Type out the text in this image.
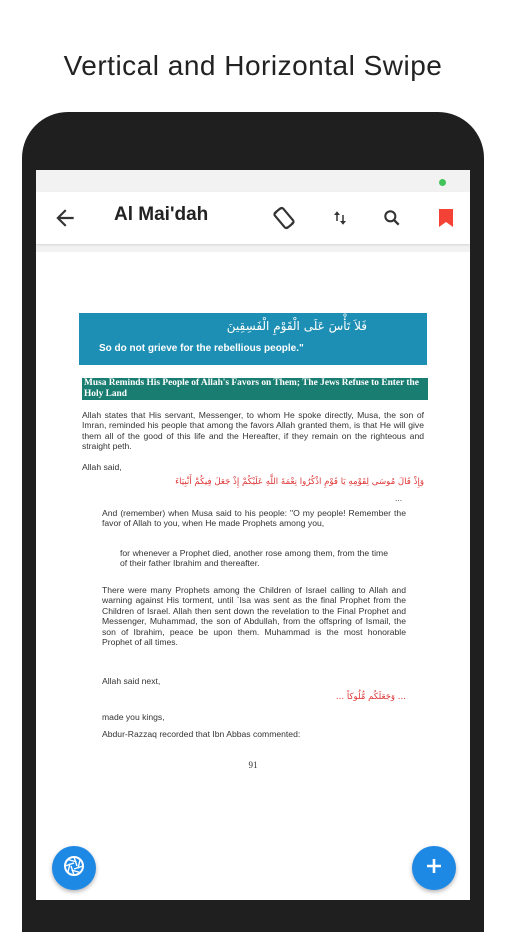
Vertical and Horizontal Swipe
Al Mai'dah
فَلاَ تَأْسَ عَلَى الْقَوْمِ الْفَسِقِينَ
So do not grieve for the rebellious people."
Musa Reminds His People of Allah's Favors on Them; The Jews Refuse to Enter the Holy Land
Allah states that His servant, Messenger, to whom He spoke directly, Musa, the son of Imran, reminded his people that among the favors Allah granted them, is that He will give them all of the good of this life and the Hereafter, if they remain on the righteous and straight peth.
Allah said,
وَإِذْ قَالَ مُوسَى لِقَوْمِهِ يَا قَوْمِ اذْكُرُوا نِعْمَةَ اللَّهِ عَلَيْكُمْ إِذْ جَعَلَ فِيكُمْ أَنْبِيَاءَ
...
And (remember) when Musa said to his people: "O my people! Remember the favor of Allah to you, when He made Prophets among you,
for whenever a Prophet died, another rose among them, from the time of their father Ibrahim and thereafter.
There were many Prophets among the Children of Israel calling to Allah and warning against His torment, until `Isa was sent as the final Prophet from the Children of Israel. Allah then sent down the revelation to the Final Prophet and Messenger, Muhammad, the son of Abdullah, from the offspring of Ismail, the son of Ibrahim, peace be upon them. Muhammad is the most honorable Prophet of all times.
Allah said next,
... وَجَعَلَكُم مُّلُوكاً ...
made you kings,
Abdur-Razzaq recorded that Ibn Abbas commented:
91
